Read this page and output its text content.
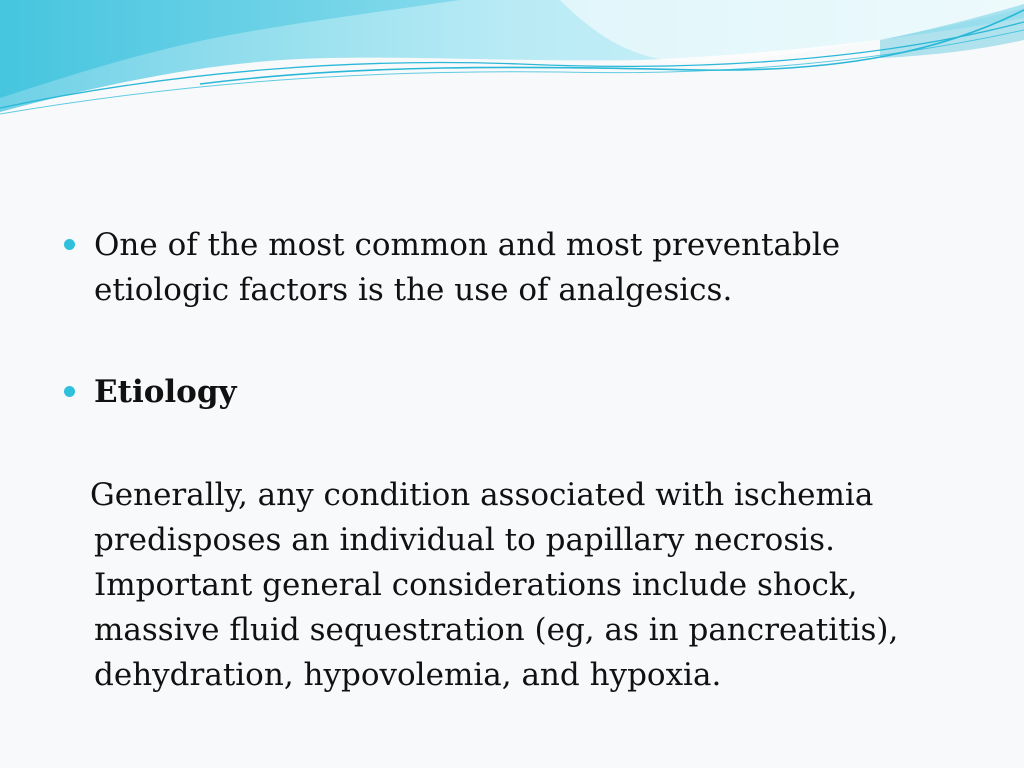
One of the most common and most preventable etiologic factors is the use of analgesics.
Etiology
Generally, any condition associated with ischemia predisposes an individual to papillary necrosis. Important general considerations include shock, massive fluid sequestration (eg, as in pancreatitis), dehydration, hypovolemia, and hypoxia.
